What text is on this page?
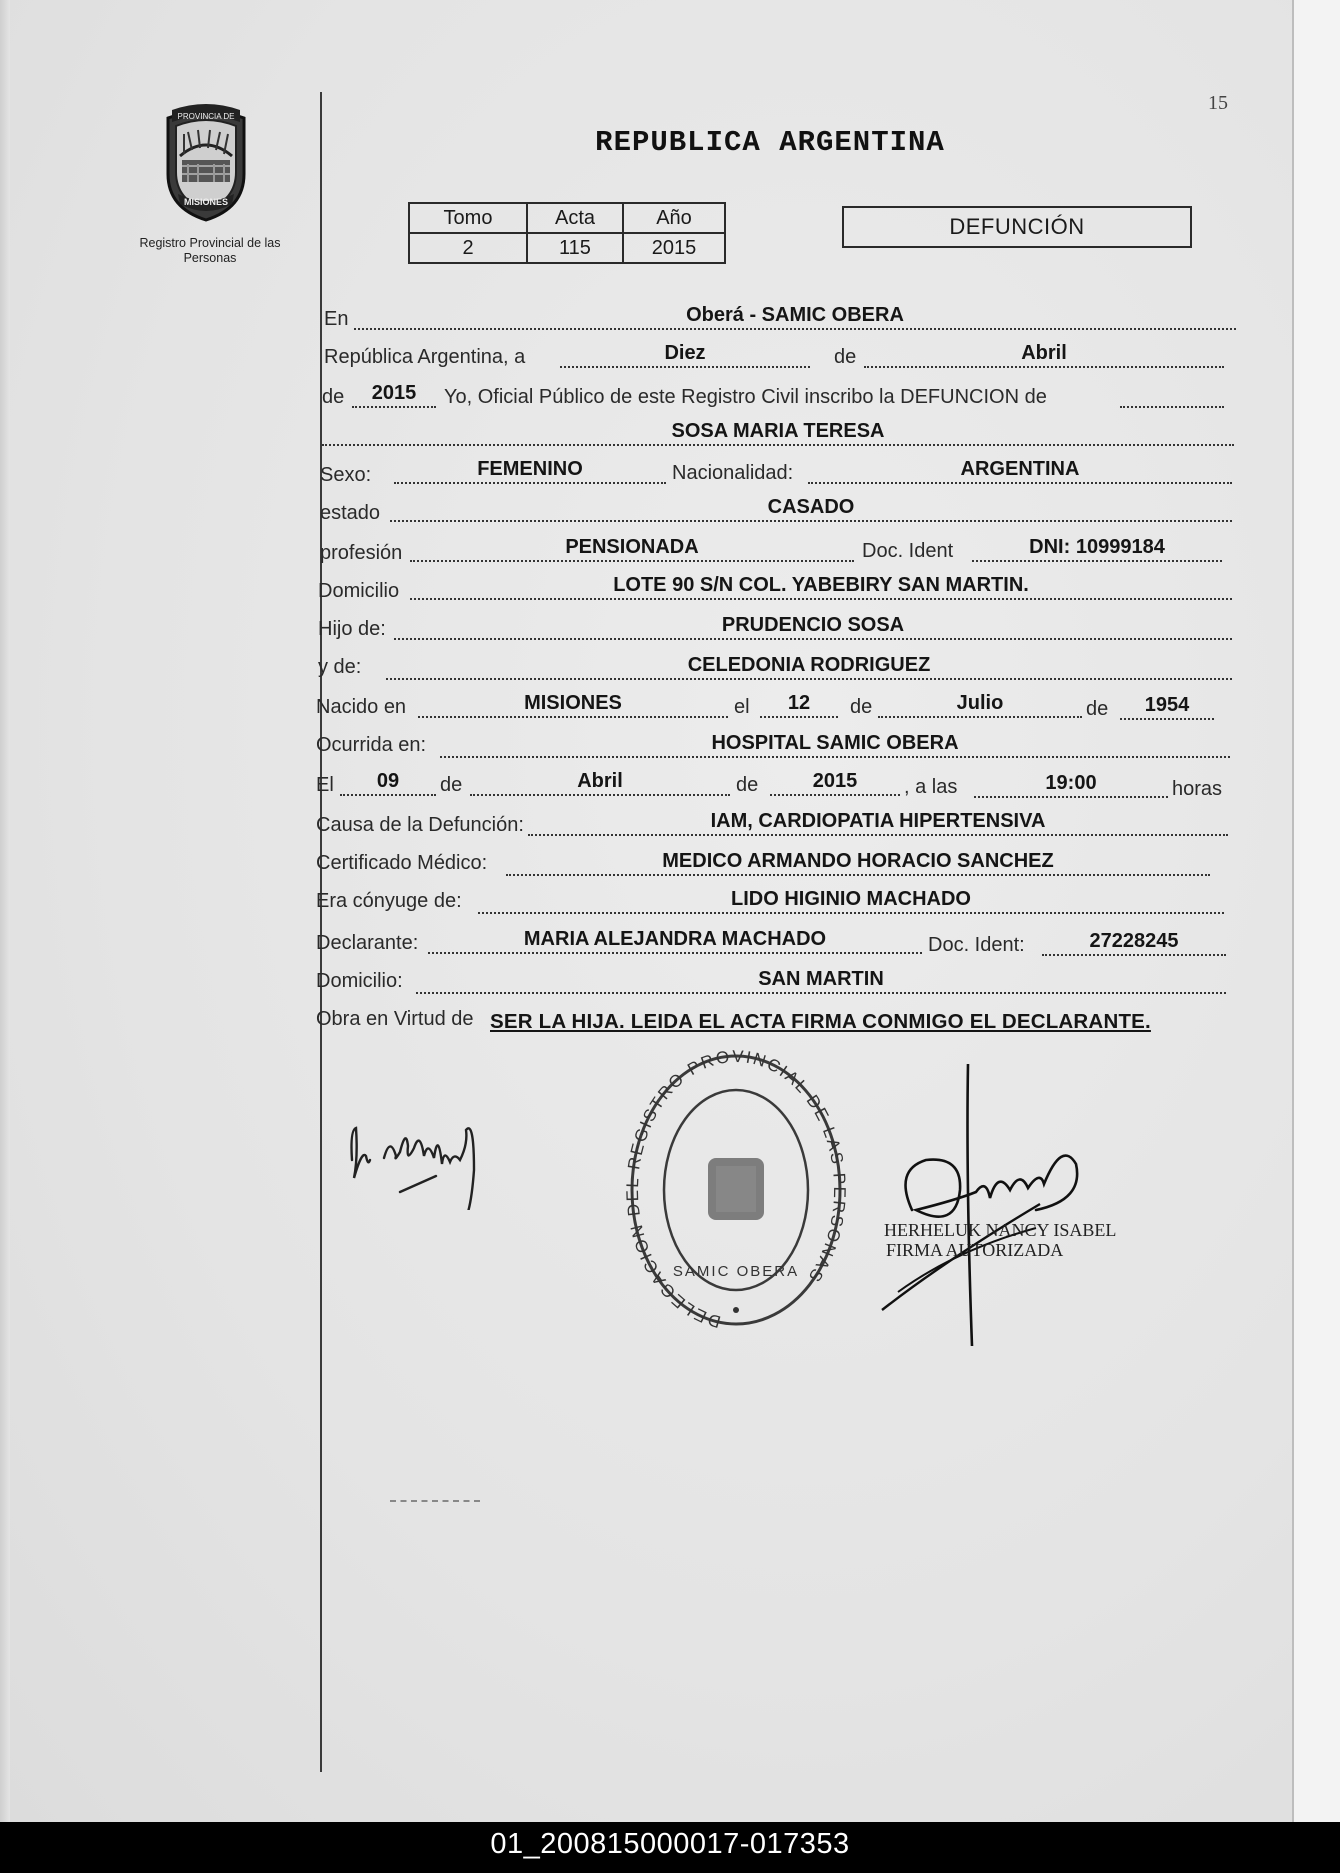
15
PROVINCIA DE
MISIONES
Registro Provincial de las Personas
REPUBLICA ARGENTINA
Tomo	Acta	Año
2	115	2015
DEFUNCIÓN
En	Oberá - SAMIC OBERA
República Argentina, a	Diez	de	Abril
de	2015	Yo, Oficial Público de este Registro Civil inscribo la DEFUNCION de
SOSA MARIA TERESA
Sexo:	FEMENINO	Nacionalidad:	ARGENTINA
estado	CASADO
profesión	PENSIONADA	Doc. Ident	DNI: 10999184
Domicilio	LOTE 90 S/N COL. YABEBIRY SAN MARTIN.
Hijo de:	PRUDENCIO SOSA
y de:	CELEDONIA RODRIGUEZ
Nacido en	MISIONES	el	12	de	Julio	de	1954
Ocurrida en:	HOSPITAL SAMIC OBERA
El	09	de	Abril	de	2015	, a las	19:00	horas
Causa de la Defunción:	IAM, CARDIOPATIA HIPERTENSIVA
Certificado Médico:	MEDICO ARMANDO HORACIO SANCHEZ
Era cónyuge de:	LIDO HIGINIO MACHADO
Declarante:	MARIA ALEJANDRA MACHADO	Doc. Ident:	27228245
Domicilio:	SAN MARTIN
Obra en Virtud de SER LA HIJA. LEIDA EL ACTA FIRMA CONMIGO EL DECLARANTE.
DELEGACION DEL REGISTRO PROVINCIAL DE LAS PERSONAS
SAMIC OBERA
HERHELUK NANCY ISABEL
FIRMA AUTORIZADA
01_200815000017-017353
